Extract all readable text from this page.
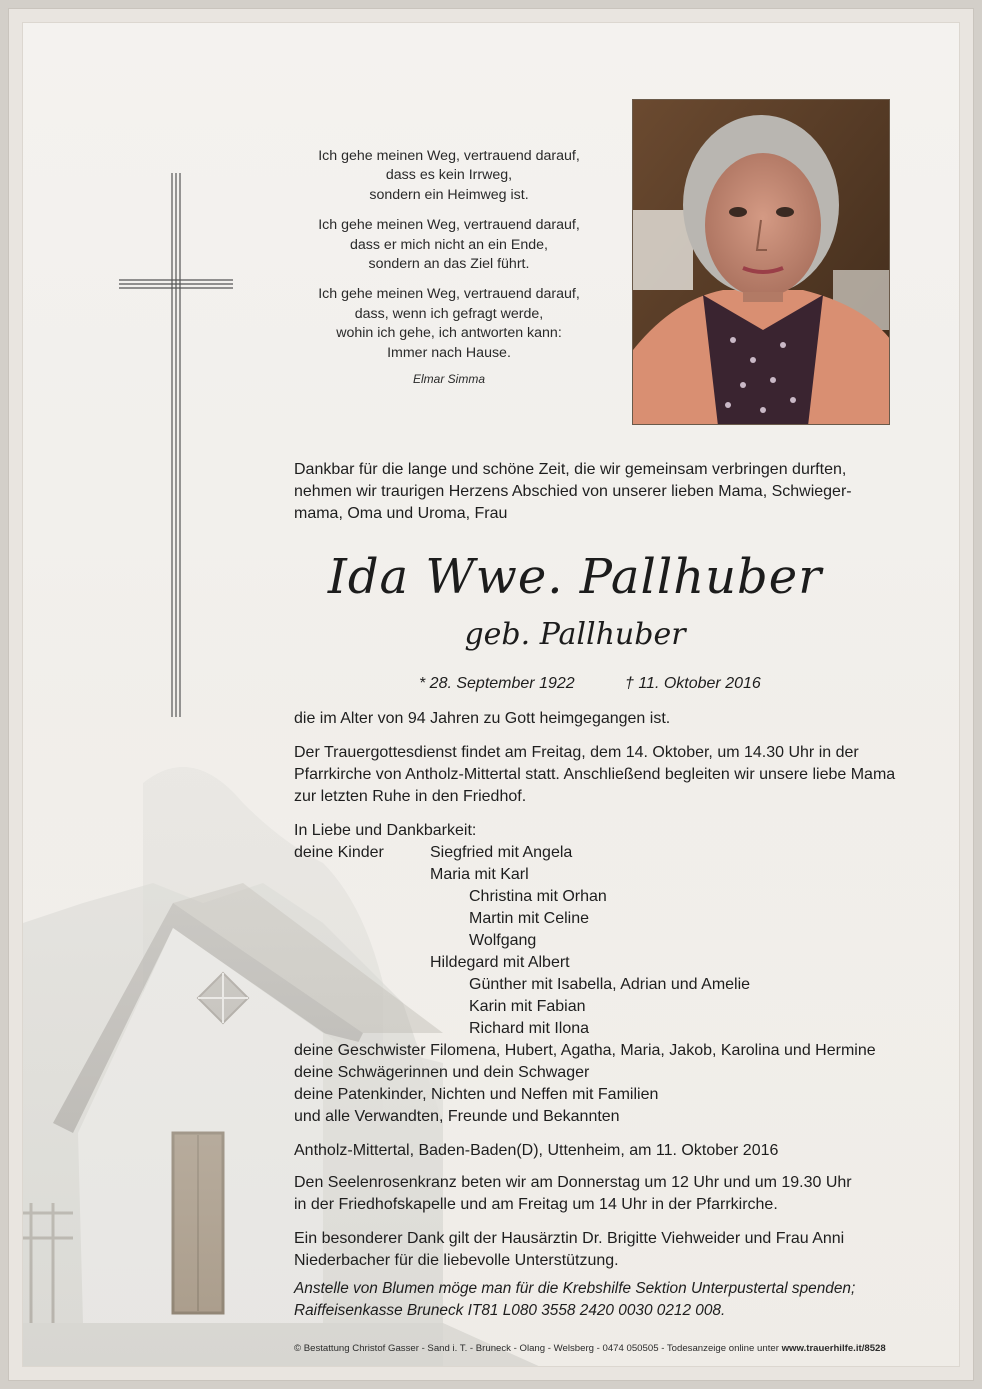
Ich gehe meinen Weg, vertrauend darauf,
dass es kein Irrweg,
sondern ein Heimweg ist.

Ich gehe meinen Weg, vertrauend darauf,
dass er mich nicht an ein Ende,
sondern an das Ziel führt.

Ich gehe meinen Weg, vertrauend darauf,
dass, wenn ich gefragt werde,
wohin ich gehe, ich antworten kann:
Immer nach Hause.

Elmar Simma
Dankbar für die lange und schöne Zeit, die wir gemeinsam verbringen durften,
nehmen wir traurigen Herzens Abschied von unserer lieben Mama, Schwieger-
mama, Oma und Uroma, Frau
Ida Wwe. Pallhuber
geb. Pallhuber
* 28. September 1922	† 11. Oktober 2016
die im Alter von 94 Jahren zu Gott heimgegangen ist.
Der Trauergottesdienst findet am Freitag, dem 14. Oktober, um 14.30 Uhr in der
Pfarrkirche von Antholz-Mittertal statt. Anschließend begleiten wir unsere liebe Mama
zur letzten Ruhe in den Friedhof.
In Liebe und Dankbarkeit:
deine Kinder	Siegfried mit Angela
Maria mit Karl
Christina mit Orhan
Martin mit Celine
Wolfgang
Hildegard mit Albert
Günther mit Isabella, Adrian und Amelie
Karin mit Fabian
Richard mit Ilona
deine Geschwister Filomena, Hubert, Agatha, Maria, Jakob, Karolina und Hermine
deine Schwägerinnen und dein Schwager
deine Patenkinder, Nichten und Neffen mit Familien
und alle Verwandten, Freunde und Bekannten
Antholz-Mittertal, Baden-Baden(D), Uttenheim, am 11. Oktober 2016
Den Seelenrosenkranz beten wir am Donnerstag um 12 Uhr und um 19.30 Uhr
in der Friedhofskapelle und am Freitag um 14 Uhr in der Pfarrkirche.
Ein besonderer Dank gilt der Hausärztin Dr. Brigitte Viehweider und Frau Anni
Niederbacher für die liebevolle Unterstützung.
Anstelle von Blumen möge man für die Krebshilfe Sektion Unterpustertal spenden;
Raiffeisenkasse Bruneck IT81 L080 3558 2420 0030 0212 008.
© Bestattung Christof Gasser - Sand i. T. - Bruneck - Olang - Welsberg - 0474 050505 - Todesanzeige online unter www.trauerhilfe.it/8528
